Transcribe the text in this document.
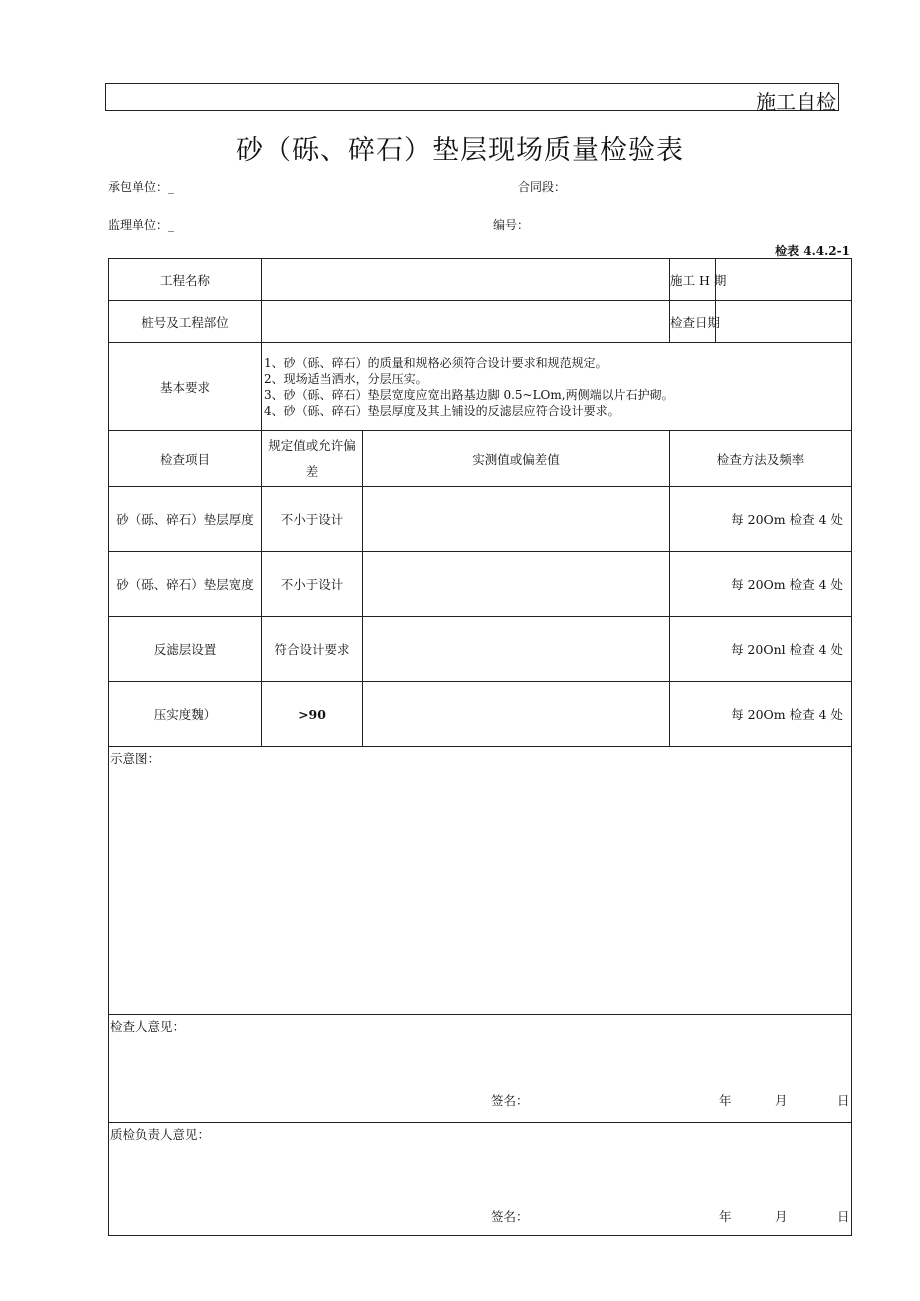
施工自检
砂（砾、碎石）垫层现场质量检验表
承包单位：_	合同段：
监理单位：_	编号：
检表 4.4.2-1
工程名称			施工 H 期	
桩号及工程部位			检查日期	
基本要求	1、砂（砾、碎石）的质量和规格必须符合设计要求和规范规定。
2、现场适当洒水，分层压实。
3、砂（砾、碎石）垫层宽度应宽出路基边脚 0.5~LOm,两侧端以片石护砌。
4、砂（砾、碎石）垫层厚度及其上铺设的反滤层应符合设计要求。			

检查项目	规定值或允许偏差	实测值或偏差值	检查方法及频率	
砂（砾、碎石）垫层厚度	不小于设计		每 20Om 检查 4 处	
砂（砾、碎石）垫层宽度	不小于设计		每 20Om 检查 4 处	
反滤层设置	符合设计要求		每 20Onl 检查 4 处	
压实度魏）	>90		每 20Om 检查 4 处	

示意图：				

检查人意见：
签名： 年 月 日				

质检负责人意见：
签名： 年 月 日				
